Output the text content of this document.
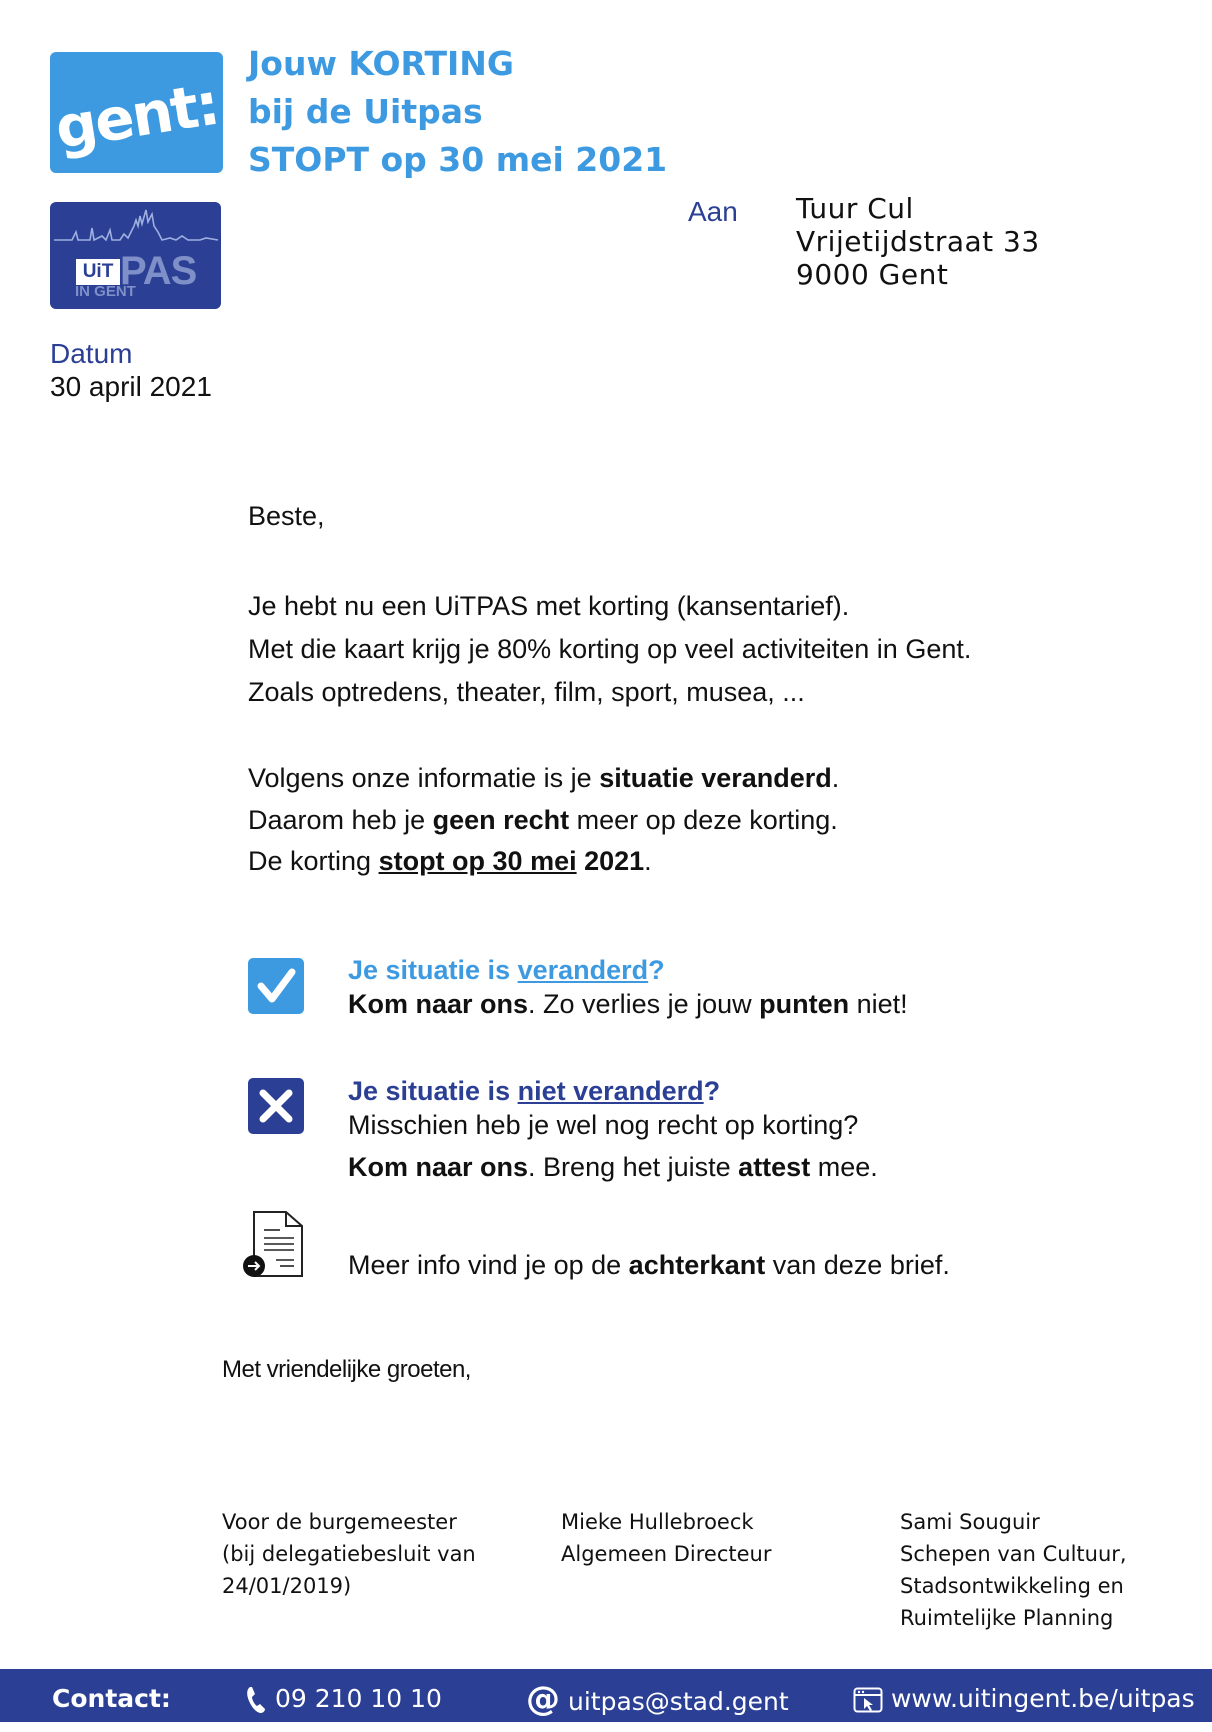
gent:
UiT PAS
IN GENT
Jouw KORTING
bij de Uitpas
STOPT op 30 mei 2021
Aan Tuur Cul
Vrijetijdstraat 33
9000 Gent
Datum
30 april 2021
Beste,
Je hebt nu een UiTPAS met korting (kansentarief).
Met die kaart krijg je 80% korting op veel activiteiten in Gent.
Zoals optredens, theater, film, sport, musea, ...
Volgens onze informatie is je situatie veranderd.
Daarom heb je geen recht meer op deze korting.
De korting stopt op 30 mei 2021.
Je situatie is veranderd?
Kom naar ons. Zo verlies je jouw punten niet!
Je situatie is niet veranderd?
Misschien heb je wel nog recht op korting?
Kom naar ons. Breng het juiste attest mee.
Meer info vind je op de achterkant van deze brief.
Met vriendelijke groeten,
Voor de burgemeester
(bij delegatiebesluit van
24/01/2019)
Mieke Hullebroeck
Algemeen Directeur
Sami Souguir
Schepen van Cultuur,
Stadsontwikkeling en
Ruimtelijke Planning
Contact:	09 210 10 10 @ uitpas@stad.gent	www.uitingent.be/uitpas
